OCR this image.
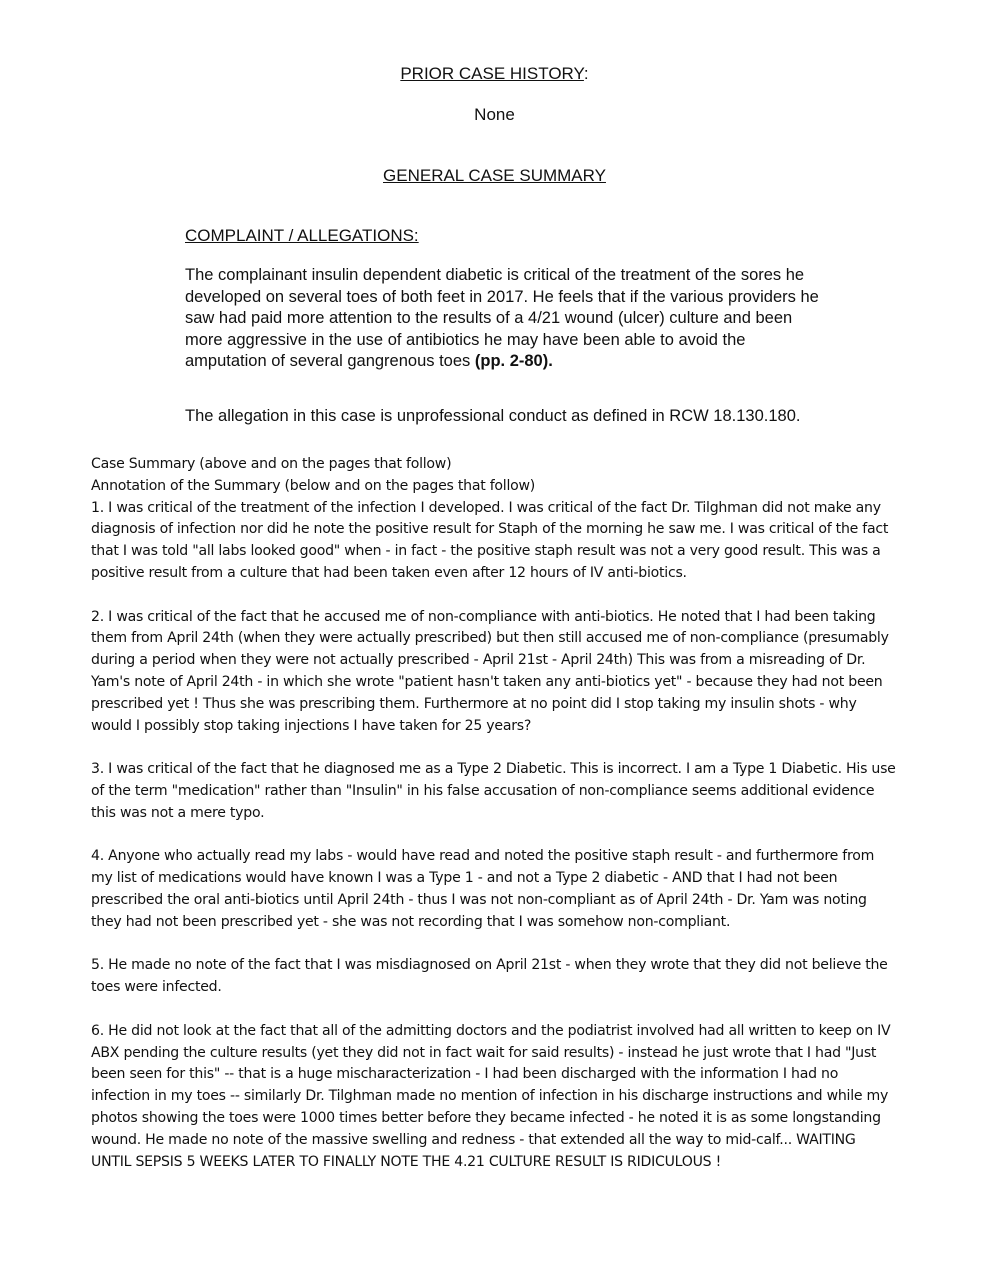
PRIOR CASE HISTORY:
None
GENERAL CASE SUMMARY
COMPLAINT / ALLEGATIONS:
The complainant insulin dependent diabetic is critical of the treatment of the sores he developed on several toes of both feet in 2017. He feels that if the various providers he saw had paid more attention to the results of a 4/21 wound (ulcer) culture and been more aggressive in the use of antibiotics he may have been able to avoid the amputation of several gangrenous toes (pp. 2-80).
The allegation in this case is unprofessional conduct as defined in RCW 18.130.180.
Case Summary (above and on the pages that follow)
Annotation of the Summary (below and on the pages that follow)

1. I was critical of the treatment of the infection I developed. I was critical of the fact Dr. Tilghman did not make any diagnosis of infection nor did he note the positive result for Staph of the morning he saw me. I was critical of the fact that I was told "all labs looked good" when - in fact - the positive staph result was not a very good result. This was a positive result from a culture that had been taken even after 12 hours of IV anti-biotics.

2. I was critical of the fact that he accused me of non-compliance with anti-biotics. He noted that I had been taking them from April 24th (when they were actually prescribed) but then still accused me of non-compliance (presumably during a period when they were not actually prescribed - April 21st - April 24th) This was from a misreading of Dr. Yam's note of April 24th - in which she wrote "patient hasn't taken any anti-biotics yet" - because they had not been prescribed yet ! Thus she was prescribing them. Furthermore at no point did I stop taking my insulin shots - why would I possibly stop taking injections I have taken for 25 years?

3. I was critical of the fact that he diagnosed me as a Type 2 Diabetic. This is incorrect. I am a Type 1 Diabetic. His use of the term "medication" rather than "Insulin" in his false accusation of non-compliance seems additional evidence this was not a mere typo.

4. Anyone who actually read my labs - would have read and noted the positive staph result - and furthermore from my list of medications would have known I was a Type 1 - and not a Type 2 diabetic - AND that I had not been prescribed the oral anti-biotics until April 24th - thus I was not non-compliant as of April 24th - Dr. Yam was noting they had not been prescribed yet - she was not recording that I was somehow non-compliant.

5. He made no note of the fact that I was misdiagnosed on April 21st - when they wrote that they did not believe the toes were infected.

6. He did not look at the fact that all of the admitting doctors and the podiatrist involved had all written to keep on IV ABX pending the culture results (yet they did not in fact wait for said results) - instead he just wrote that I had "Just been seen for this" -- that is a huge mischaracterization - I had been discharged with the information I had no infection in my toes -- similarly Dr. Tilghman made no mention of infection in his discharge instructions and while my photos showing the toes were 1000 times better before they became infected - he noted it is as some longstanding wound. He made no note of the massive swelling and redness - that extended all the way to mid-calf... WAITING UNTIL SEPSIS 5 WEEKS LATER TO FINALLY NOTE THE 4.21 CULTURE RESULT IS RIDICULOUS !
